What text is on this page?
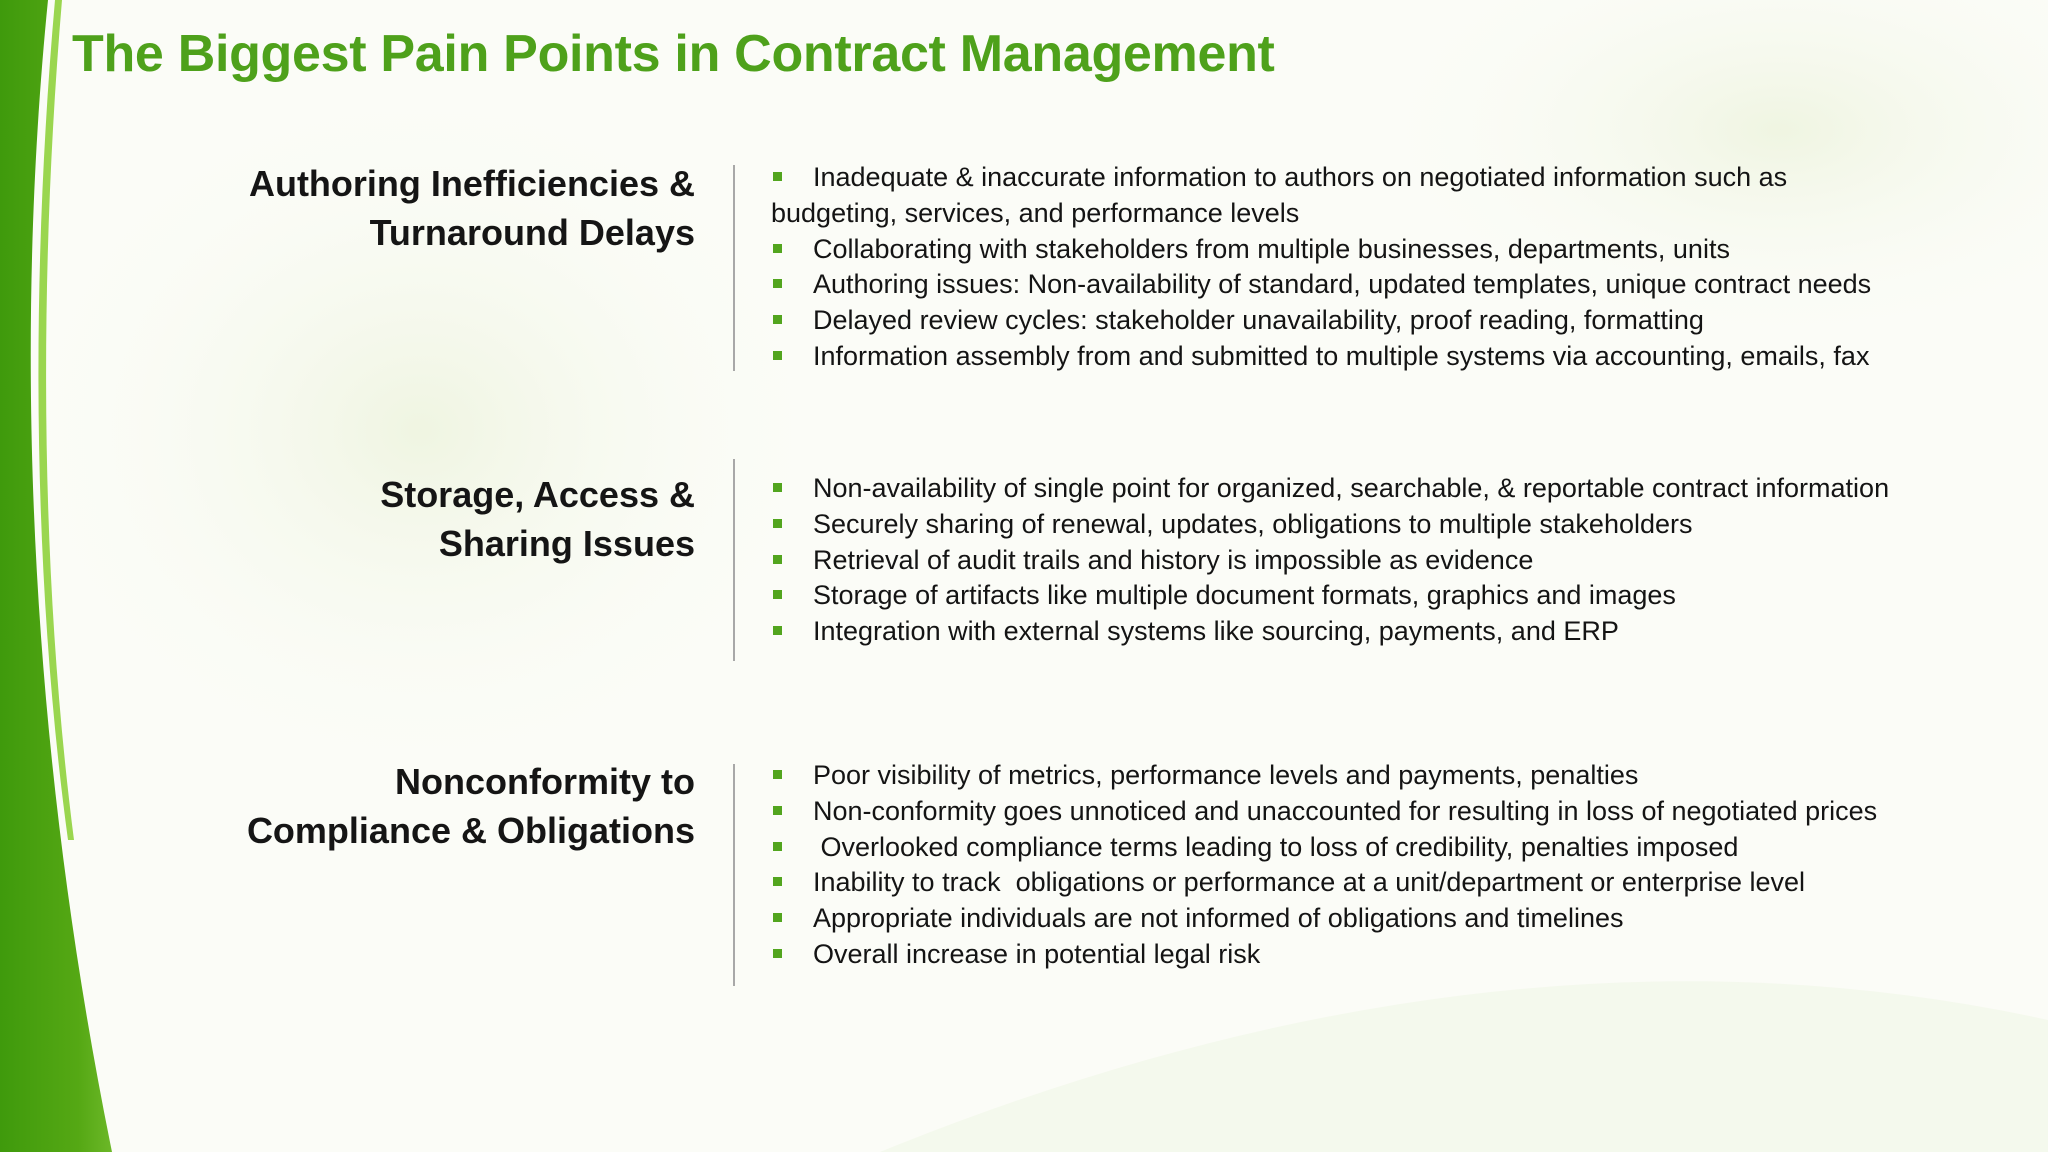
The Biggest Pain Points in Contract Management
Authoring Inefficiencies &
Turnaround Delays
Inadequate & inaccurate information to authors on negotiated information such as budgeting, services, and performance levels
Collaborating with stakeholders from multiple businesses, departments, units
Authoring issues: Non-availability of standard, updated templates, unique contract needs
Delayed review cycles: stakeholder unavailability, proof reading, formatting
Information assembly from and submitted to multiple systems via accounting, emails, fax
Storage, Access &
Sharing Issues
Non-availability of single point for organized, searchable, & reportable contract information
Securely sharing of renewal, updates, obligations to multiple stakeholders
Retrieval of audit trails and history is impossible as evidence
Storage of artifacts like multiple document formats, graphics and images
Integration with external systems like sourcing, payments, and ERP
Nonconformity to
Compliance & Obligations
Poor visibility of metrics, performance levels and payments, penalties
Non-conformity goes unnoticed and unaccounted for resulting in loss of negotiated prices
Overlooked compliance terms leading to loss of credibility, penalties imposed
Inability to track  obligations or performance at a unit/department or enterprise level
Appropriate individuals are not informed of obligations and timelines
Overall increase in potential legal risk
